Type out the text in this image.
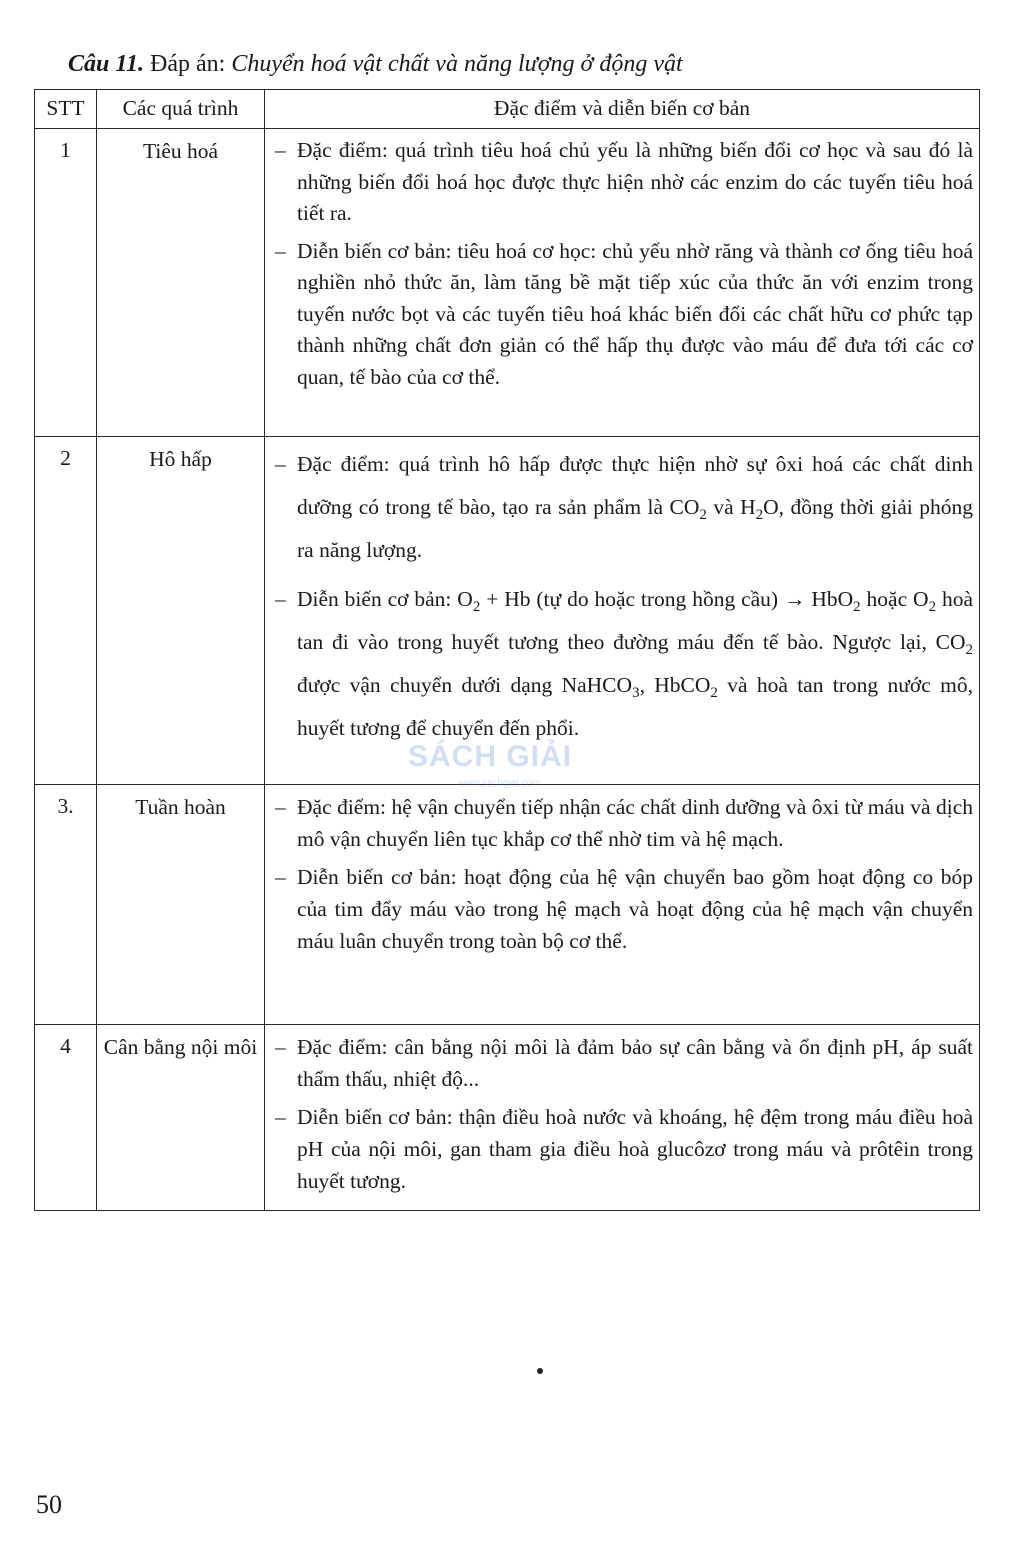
Câu 11. Đáp án: Chuyển hoá vật chất và năng lượng ở động vật
STT	Các quá trình	Đặc điểm và diễn biến cơ bản
1	Tiêu hoá	– Đặc điểm: quá trình tiêu hoá chủ yếu là những biến đổi cơ học và sau đó là những biến đổi hoá học được thực hiện nhờ các enzim do các tuyến tiêu hoá tiết ra.
– Diễn biến cơ bản: tiêu hoá cơ học: chủ yếu nhờ răng và thành cơ ống tiêu hoá nghiền nhỏ thức ăn, làm tăng bề mặt tiếp xúc của thức ăn với enzim trong tuyến nước bọt và các tuyến tiêu hoá khác biến đổi các chất hữu cơ phức tạp thành những chất đơn giản có thể hấp thụ được vào máu để đưa tới các cơ quan, tế bào của cơ thể.

2	Hô hấp	– Đặc điểm: quá trình hô hấp được thực hiện nhờ sự ôxi hoá các chất dinh dưỡng có trong tế bào, tạo ra sản phẩm là $CO_2$ và $H_2O$, đồng thời giải phóng ra năng lượng.
– Diễn biến cơ bản: $O_2 + Hb$ (tự do hoặc trong hồng cầu) → HbO$_2$ hoặc $O_2$ hoà tan đi vào trong huyết tương theo đường máu đến tế bào. Ngược lại, $CO_2$ được vận chuyển dưới dạng NaHCO$_3$, HbCO$_2$ và hoà tan trong nước mô, huyết tương để chuyển đến phổi.

3.	Tuần hoàn	– Đặc điểm: hệ vận chuyển tiếp nhận các chất dinh dưỡng và ôxi từ máu và dịch mô vận chuyển liên tục khắp cơ thể nhờ tim và hệ mạch.
– Diễn biến cơ bản: hoạt động của hệ vận chuyển bao gồm hoạt động co bóp của tim đẩy máu vào trong hệ mạch và hoạt động của hệ mạch vận chuyển máu luân chuyển trong toàn bộ cơ thể.

4	Cân bằng nội môi	– Đặc điểm: cân bằng nội môi là đảm bảo sự cân bằng và ổn định pH, áp suất thẩm thấu, nhiệt độ...
– Diễn biến cơ bản: thận điều hoà nước và khoáng, hệ đệm trong máu điều hoà pH của nội môi, gan tham gia điều hoà glucôzơ trong máu và prôtêin trong huyết tương.
SÁCH GIẢI
www.sachgiai.com
50
